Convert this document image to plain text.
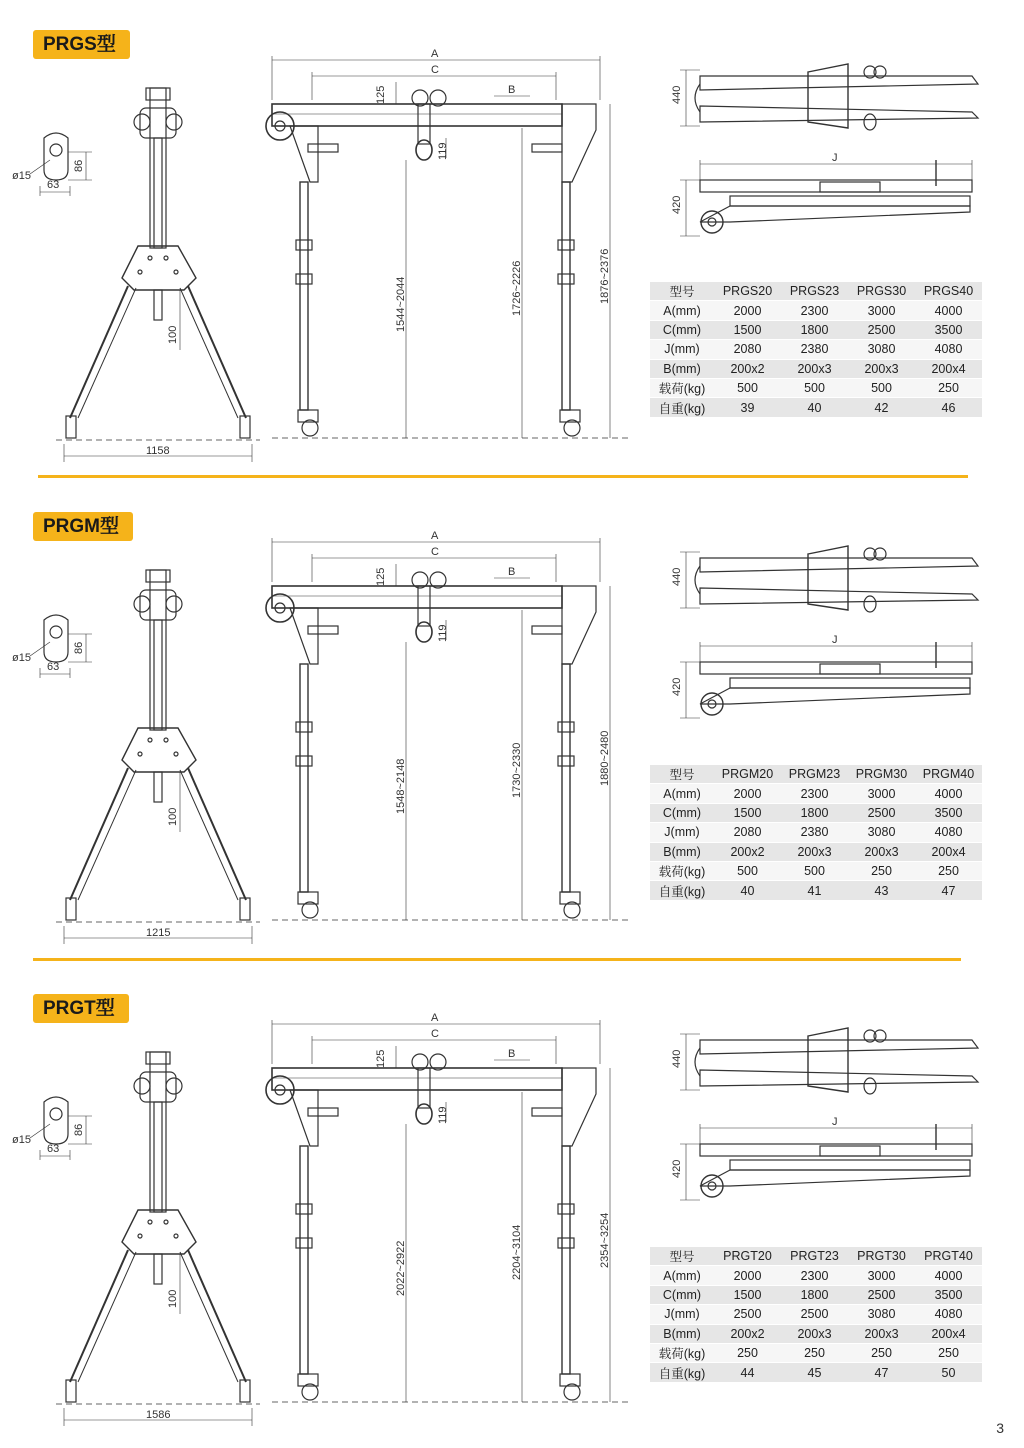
PRGS型
ø15
63
86
1158
100
A
C
B
125
119
1544~2044	1726~2226	1876~2376
440
J
420
型号	PRGS20	PRGS23	PRGS30	PRGS40
A(mm)	2000	2300	3000	4000
C(mm)	1500	1800	2500	3500
J(mm)	2080	2380	3080	4080
B(mm)	200x2	200x3	200x3	200x4
载荷(kg)	500	500	500	250
自重(kg)	39	40	42	46
PRGM型
ø15
63
86
1215
100
A
C
B
125
119
1548~2148	1730~2330	1880~2480
440
J
420
型号	PRGM20	PRGM23	PRGM30	PRGM40
A(mm)	2000	2300	3000	4000
C(mm)	1500	1800	2500	3500
J(mm)	2080	2380	3080	4080
B(mm)	200x2	200x3	200x3	200x4
载荷(kg)	500	500	250	250
自重(kg)	40	41	43	47
PRGT型
ø15
63
86
1586
100
A
C
B
125
119
2022~2922	2204~3104	2354~3254
440
J
420
型号	PRGT20	PRGT23	PRGT30	PRGT40
A(mm)	2000	2300	3000	4000
C(mm)	1500	1800	2500	3500
J(mm)	2500	2500	3080	4080
B(mm)	200x2	200x3	200x3	200x4
载荷(kg)	250	250	250	250
自重(kg)	44	45	47	50
3
